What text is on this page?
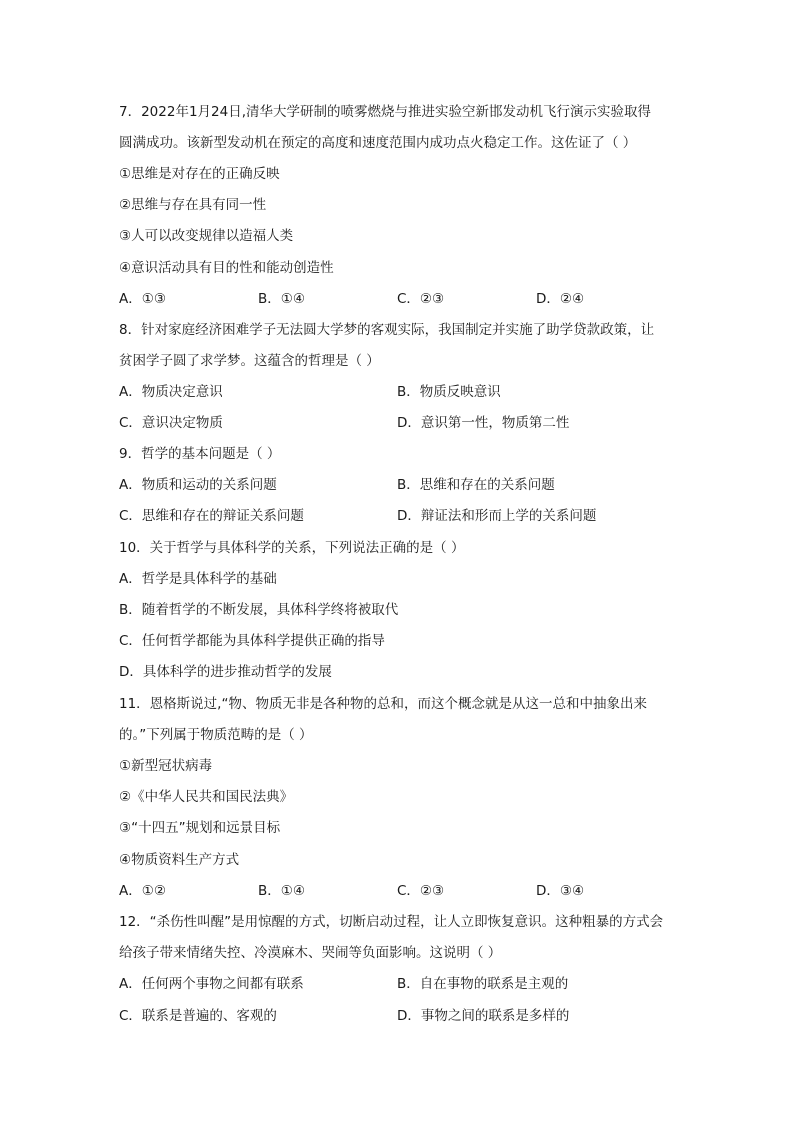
7．2022年1月24日,清华大学研制的喷雾燃烧与推进实验空新邯发动机飞行演示实验取得
圆满成功。该新型发动机在预定的高度和速度范围内成功点火稳定工作。这佐证了（ ）
①思维是对存在的正确反映
②思维与存在具有同一性
③人可以改变规律以造福人类
④意识活动具有目的性和能动创造性
A．①③	B．①④	C．②③	D．②④
8．针对家庭经济困难学子无法圆大学梦的客观实际，我国制定并实施了助学贷款政策，让
贫困学子圆了求学梦。这蕴含的哲理是（ ）
A．物质决定意识	B．物质反映意识
C．意识决定物质	D．意识第一性，物质第二性
9．哲学的基本问题是（ ）
A．物质和运动的关系问题	B．思维和存在的关系问题
C．思维和存在的辩证关系问题	D．辩证法和形而上学的关系问题
10．关于哲学与具体科学的关系，下列说法正确的是（ ）
A．哲学是具体科学的基础
B．随着哲学的不断发展，具体科学终将被取代
C．任何哲学都能为具体科学提供正确的指导
D．具体科学的进步推动哲学的发展
11．恩格斯说过,“物、物质无非是各种物的总和，而这个概念就是从这一总和中抽象出来
的。”下列属于物质范畴的是（ ）
①新型冠状病毒
②《中华人民共和国民法典》
③“十四五”规划和远景目标
④物质资料生产方式
A．①②	B．①④	C．②③	D．③④
12．“杀伤性叫醒”是用惊醒的方式，切断启动过程，让人立即恢复意识。这种粗暴的方式会
给孩子带来情绪失控、冷漠麻木、哭闹等负面影响。这说明（ ）
A．任何两个事物之间都有联系	B．自在事物的联系是主观的
C．联系是普遍的、客观的	D．事物之间的联系是多样的
